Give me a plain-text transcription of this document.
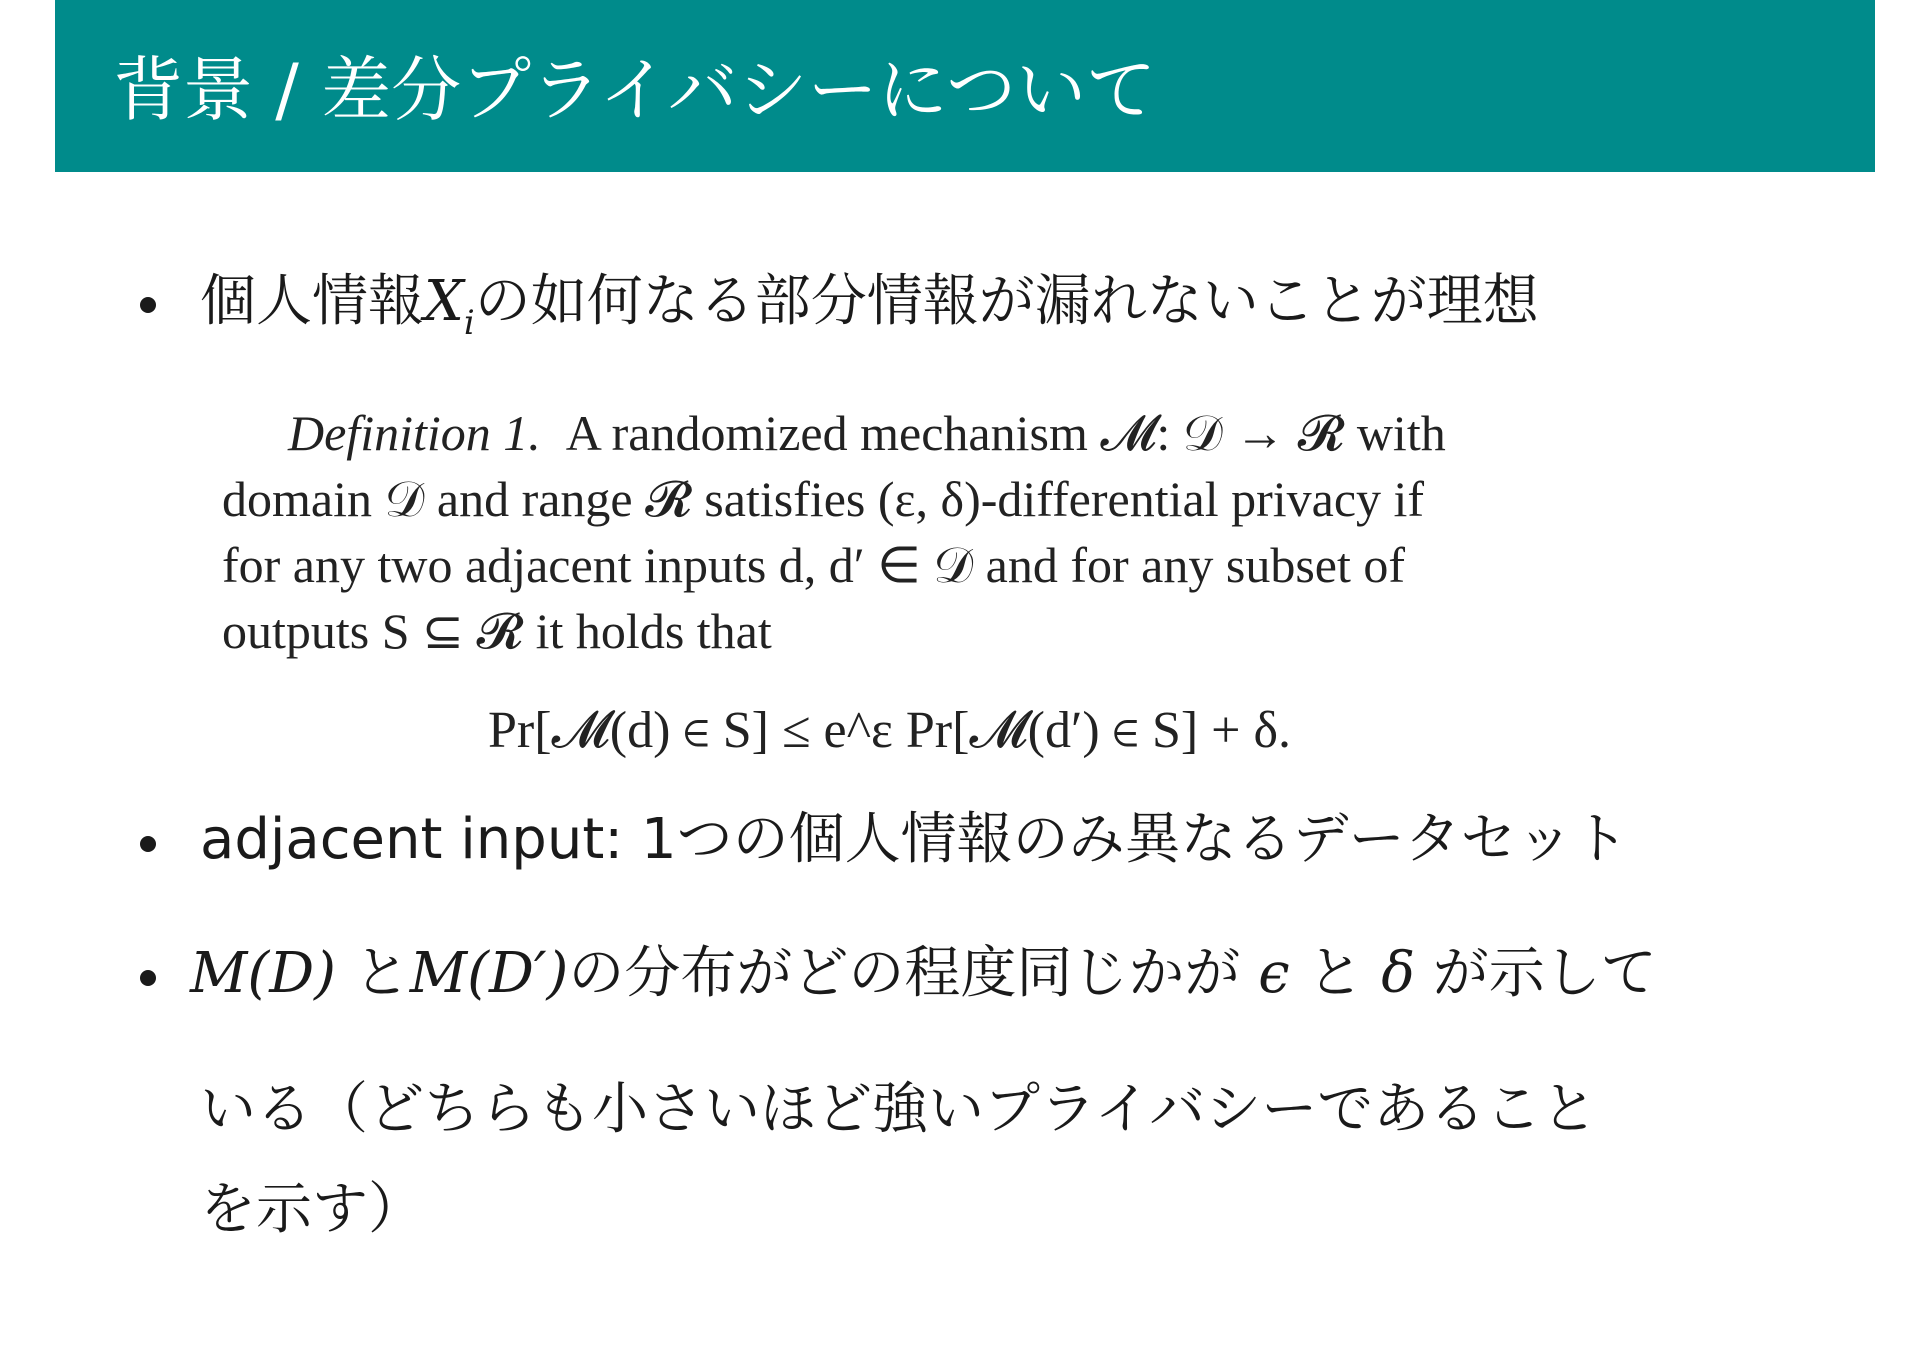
背景 / 差分プライバシーについて
個人情報$X_i$の如何なる部分情報が漏れないことが理想
Definition 1. A randomized mechanism 𝓜: 𝒟 → 𝓡 with
domain 𝒟 and range 𝓡 satisfies (ε, δ)-differential privacy if
for any two adjacent inputs d, d′ ∈ 𝒟 and for any subset of
outputs S ⊆ 𝓡 it holds that
Pr[𝓜(d) ∈ S] ≤ e^ε Pr[𝓜(d′) ∈ S] + δ.
adjacent input: 1つの個人情報のみ異なるデータセット
M(D) とM(D′)の分布がどの程度同じかが ϵ と δ が示して
いる（どちらも小さいほど強いプライバシーであること
を示す）
